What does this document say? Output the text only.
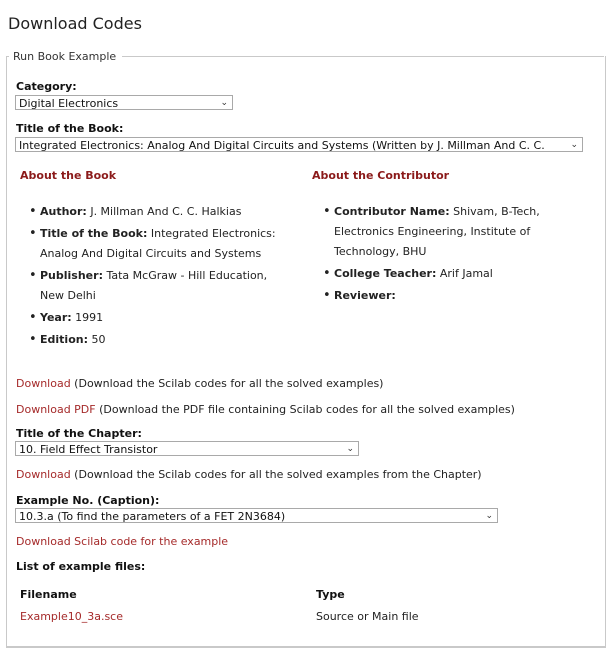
Download Codes
Run Book Example
Category:
Digital Electronics	⌄
Title of the Book:
Integrated Electronics: Analog And Digital Circuits and Systems (Written by J. Millman And C. C.	⌄
About the Book	About the Contributor
• Author: J. Millman And C. C. Halkias
• Title of the Book: Integrated Electronics: Analog And Digital Circuits and Systems
• Publisher: Tata McGraw - Hill Education, New Delhi
• Year: 1991
• Edition: 50
• Contributor Name: Shivam, B-Tech, Electronics Engineering, Institute of Technology, BHU
• College Teacher: Arif Jamal
• Reviewer:
Download (Download the Scilab codes for all the solved examples)
Download PDF (Download the PDF file containing Scilab codes for all the solved examples)
Title of the Chapter:
10. Field Effect Transistor	⌄
Download (Download the Scilab codes for all the solved examples from the Chapter)
Example No. (Caption):
10.3.a (To find the parameters of a FET 2N3684)	⌄
Download Scilab code for the example
List of example files:
Filename	Type
Example10_3a.sce	Source or Main file
